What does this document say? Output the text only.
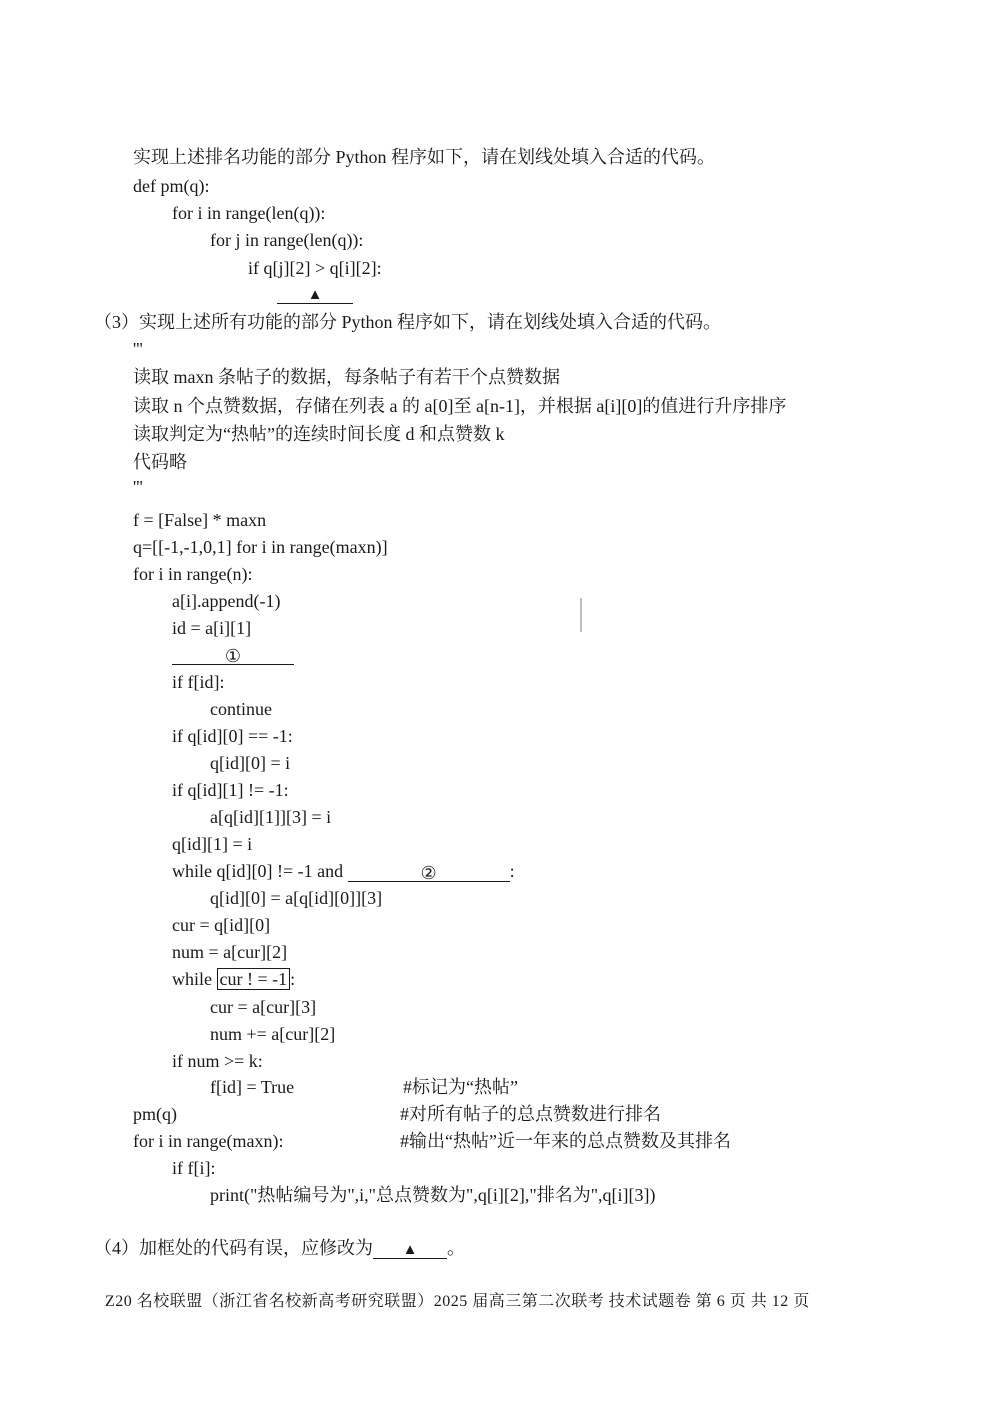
实现上述排名功能的部分 Python 程序如下，请在划线处填入合适的代码。
def pm(q):
for i in range(len(q)):
for j in range(len(q)):
if q[j][2] > q[i][2]:
▲
（3）实现上述所有功能的部分 Python 程序如下，请在划线处填入合适的代码。
'''
读取 maxn 条帖子的数据，每条帖子有若干个点赞数据
读取 n 个点赞数据，存储在列表 a 的 a[0]至 a[n-1]，并根据 a[i][0]的值进行升序排序
读取判定为“热帖”的连续时间长度 d 和点赞数 k
代码略
'''
f = [False] * maxn
q=[[-1,-1,0,1] for i in range(maxn)]
for i in range(n):
a[i].append(-1)
id = a[i][1]
①
if f[id]:
continue
if q[id][0] == -1:
q[id][0] = i
if q[id][1] != -1:
a[q[id][1]][3] = i
q[id][1] = i
while q[id][0] != -1 and	②	:
q[id][0] = a[q[id][0]][3]
cur = q[id][0]
num = a[cur][2]
while cur ! = -1 :
cur = a[cur][3]
num += a[cur][2]
if num >= k:
f[id] = True	#标记为“热帖”
pm(q)	#对所有帖子的总点赞数进行排名
for i in range(maxn):	#输出“热帖”近一年来的总点赞数及其排名
if f[i]:
print("热帖编号为",i,"总点赞数为",q[i][2],"排名为",q[i][3])
（4）加框处的代码有误，应修改为 ▲ 。
Z20 名校联盟（浙江省名校新高考研究联盟）2025 届高三第二次联考 技术试题卷 第 6 页 共 12 页
